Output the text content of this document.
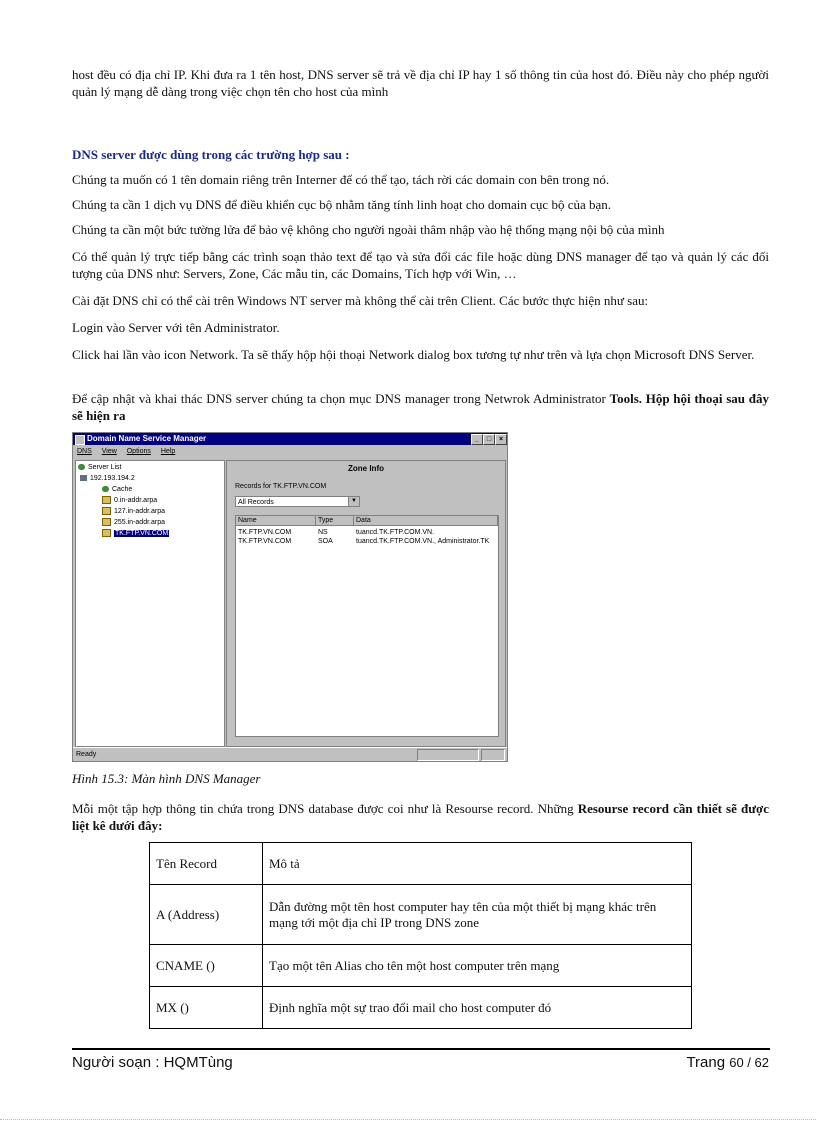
host đều có địa chỉ IP. Khi đưa ra 1 tên host, DNS server sẽ trả về địa chỉ IP hay 1 số thông tin của host đó. Điều này cho phép người quản lý mạng dễ dàng trong việc chọn tên cho host của mình

DNS server được dùng trong các trường hợp sau :

Chúng ta muốn có 1 tên domain riêng trên Interner để có thể tạo, tách rời các domain con bên trong nó.

Chúng ta cần 1 dịch vụ DNS để điều khiển cục bộ nhằm tăng tính linh hoạt cho domain cục bộ của bạn.

Chúng ta cần một bức tường lửa để bảo vệ không cho người ngoài thâm nhập vào hệ thống mạng nội bộ của mình

Có thể quản lý trực tiếp bằng các trình soạn thảo text để tạo và sửa đổi các file hoặc dùng DNS manager để tạo và quản lý các đối tượng của DNS như: Servers, Zone, Các mẫu tin, các Domains, Tích hợp với Win, …

Cài đặt DNS chỉ có thể cài trên Windows NT server mà không thể cài trên Client. Các bước thực hiện như sau:

Login vào Server với tên Administrator.

Click hai lần vào icon Network. Ta sẽ thấy hộp hội thoại Network dialog box tương tự như trên và lựa chọn Microsoft DNS Server.

Để cập nhật và khai thác DNS server chúng ta chọn mục DNS manager trong Netwrok Administrator Tools. Hộp hội thoại sau đây sẽ hiện ra

Domain Name Service Manager	_	□	×
DNS View Options Help
Server List
192.193.194.2
Cache
0.in-addr.arpa
127.in-addr.arpa
255.in-addr.arpa
TK.FTP.VN.COM
Zone Info
Records for TK.FTP.VN.COM
All Records	▼
Name	Type	Data
TK.FTP.VN.COM	NS	tuancd.TK.FTP.COM.VN.
TK.FTP.VN.COM	SOA	tuancd.TK.FTP.COM.VN., Administrator.TK
Ready
Hình 15.3: Màn hình DNS Manager

Mỗi một tập hợp thông tin chứa trong DNS database được coi như là Resourse record. Những Resourse record cần thiết sẽ được liệt kê dưới đây:

Tên Record	Mô tả
A (Address)	Dẫn đường một tên host computer hay tên của một thiết bị mạng khác trên mạng tới một địa chỉ IP trong DNS zone
CNAME ()	Tạo một tên Alias cho tên một host computer trên mạng
MX ()	Định nghĩa một sự trao đổi mail cho host computer đó
Người soạn : HQMTùng	Trang 60 / 62
